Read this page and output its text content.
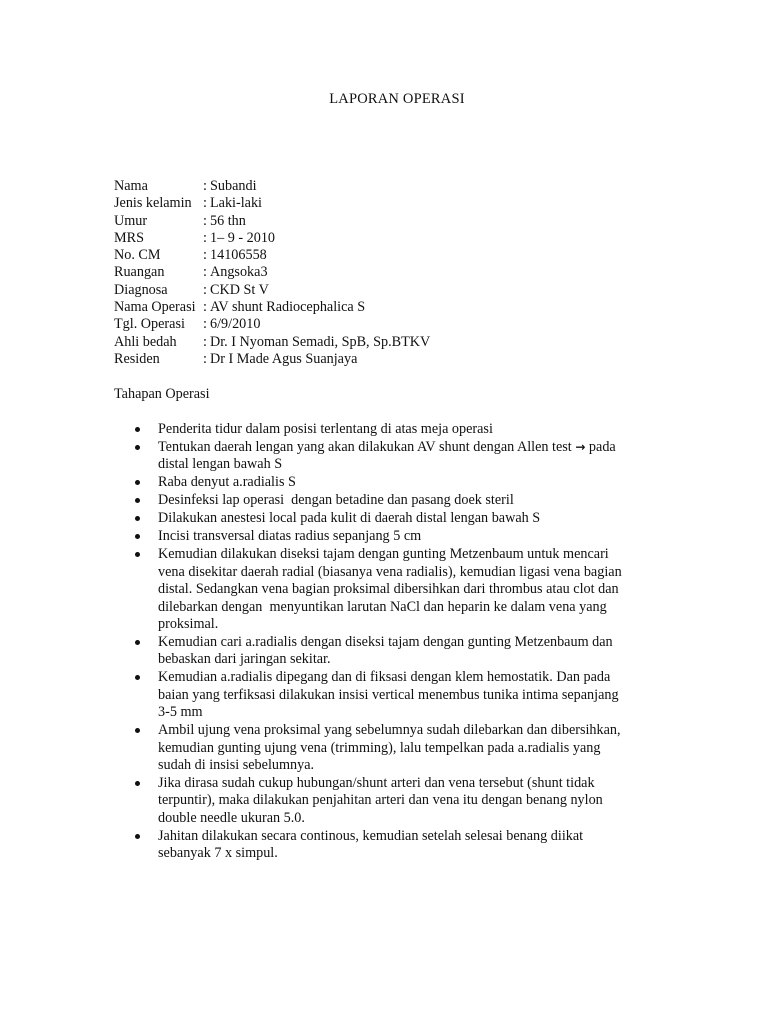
LAPORAN OPERASI
Nama	: Subandi
Jenis kelamin : Laki-laki
Umur	: 56 thn
MRS	: 1– 9 - 2010
No. CM	: 14106558
Ruangan	: Angsoka3
Diagnosa	: CKD St V
Nama Operasi : AV shunt Radiocephalica S
Tgl. Operasi	: 6/9/2010
Ahli bedah	: Dr. I Nyoman Semadi, SpB, Sp.BTKV
Residen	: Dr I Made Agus Suanjaya
Tahapan Operasi
Penderita tidur dalam posisi terlentang di atas meja operasi
Tentukan daerah lengan yang akan dilakukan AV shunt dengan Allen test → pada
distal lengan bawah S
Raba denyut a.radialis S
Desinfeksi lap operasi  dengan betadine dan pasang doek steril
Dilakukan anestesi local pada kulit di daerah distal lengan bawah S
Incisi transversal diatas radius sepanjang 5 cm
Kemudian dilakukan diseksi tajam dengan gunting Metzenbaum untuk mencari
vena disekitar daerah radial (biasanya vena radialis), kemudian ligasi vena bagian
distal. Sedangkan vena bagian proksimal dibersihkan dari thrombus atau clot dan
dilebarkan dengan  menyuntikan larutan NaCl dan heparin ke dalam vena yang
proksimal.
Kemudian cari a.radialis dengan diseksi tajam dengan gunting Metzenbaum dan
bebaskan dari jaringan sekitar.
Kemudian a.radialis dipegang dan di fiksasi dengan klem hemostatik. Dan pada
baian yang terfiksasi dilakukan insisi vertical menembus tunika intima sepanjang
3-5 mm
Ambil ujung vena proksimal yang sebelumnya sudah dilebarkan dan dibersihkan,
kemudian gunting ujung vena (trimming), lalu tempelkan pada a.radialis yang
sudah di insisi sebelumnya.
Jika dirasa sudah cukup hubungan/shunt arteri dan vena tersebut (shunt tidak
terpuntir), maka dilakukan penjahitan arteri dan vena itu dengan benang nylon
double needle ukuran 5.0.
Jahitan dilakukan secara continous, kemudian setelah selesai benang diikat
sebanyak 7 x simpul.
